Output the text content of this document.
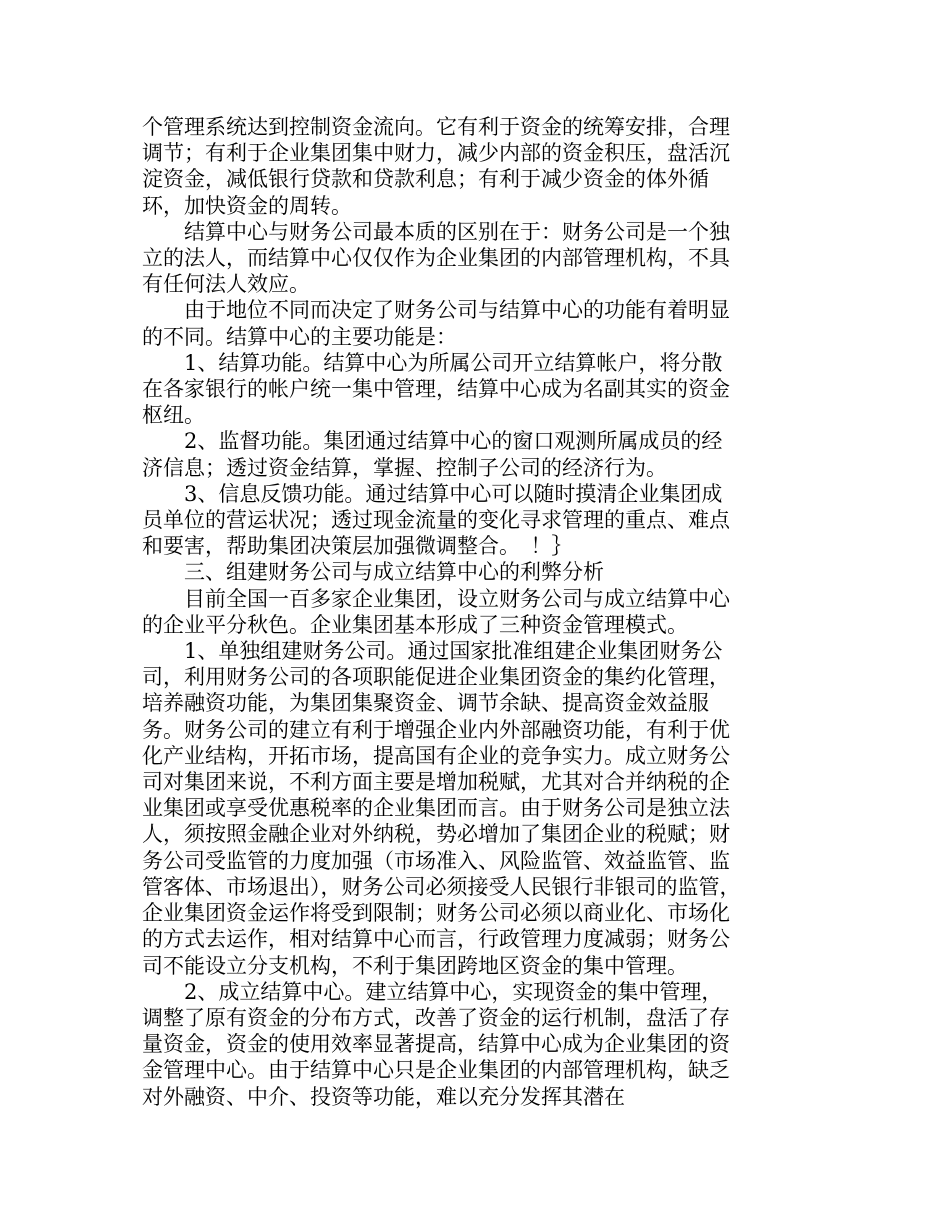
个管理系统达到控制资金流向。它有利于资金的统筹安排，合理调节；有利于企业集团集中财力，减少内部的资金积压，盘活沉淀资金，减低银行贷款和贷款利息；有利于减少资金的体外循环，加快资金的周转。

结算中心与财务公司最本质的区别在于：财务公司是一个独立的法人，而结算中心仅仅作为企业集团的内部管理机构，不具有任何法人效应。

由于地位不同而决定了财务公司与结算中心的功能有着明显的不同。结算中心的主要功能是：

1、结算功能。结算中心为所属公司开立结算帐户，将分散在各家银行的帐户统一集中管理，结算中心成为名副其实的资金枢纽。

2、监督功能。集团通过结算中心的窗口观测所属成员的经济信息；透过资金结算，掌握、控制子公司的经济行为。

3、信息反馈功能。通过结算中心可以随时摸清企业集团成员单位的营运状况；透过现金流量的变化寻求管理的重点、难点和要害，帮助集团决策层加强微调整合。　！｝

三、组建财务公司与成立结算中心的利弊分析

目前全国一百多家企业集团，设立财务公司与成立结算中心的企业平分秋色。企业集团基本形成了三种资金管理模式。

1、单独组建财务公司。通过国家批准组建企业集团财务公司，利用财务公司的各项职能促进企业集团资金的集约化管理，培养融资功能，为集团集聚资金、调节余缺、提高资金效益服务。财务公司的建立有利于增强企业内外部融资功能，有利于优化产业结构，开拓市场，提高国有企业的竞争实力。成立财务公司对集团来说，不利方面主要是增加税赋，尤其对合并纳税的企业集团或享受优惠税率的企业集团而言。由于财务公司是独立法人，须按照金融企业对外纳税，势必增加了集团企业的税赋；财务公司受监管的力度加强（市场准入、风险监管、效益监管、监管客体、市场退出），财务公司必须接受人民银行非银司的监管，企业集团资金运作将受到限制；财务公司必须以商业化、市场化的方式去运作，相对结算中心而言，行政管理力度减弱；财务公司不能设立分支机构，不利于集团跨地区资金的集中管理。

2、成立结算中心。建立结算中心，实现资金的集中管理，调整了原有资金的分布方式，改善了资金的运行机制，盘活了存量资金，资金的使用效率显著提高，结算中心成为企业集团的资金管理中心。由于结算中心只是企业集团的内部管理机构，缺乏对外融资、中介、投资等功能，难以充分发挥其潜在
